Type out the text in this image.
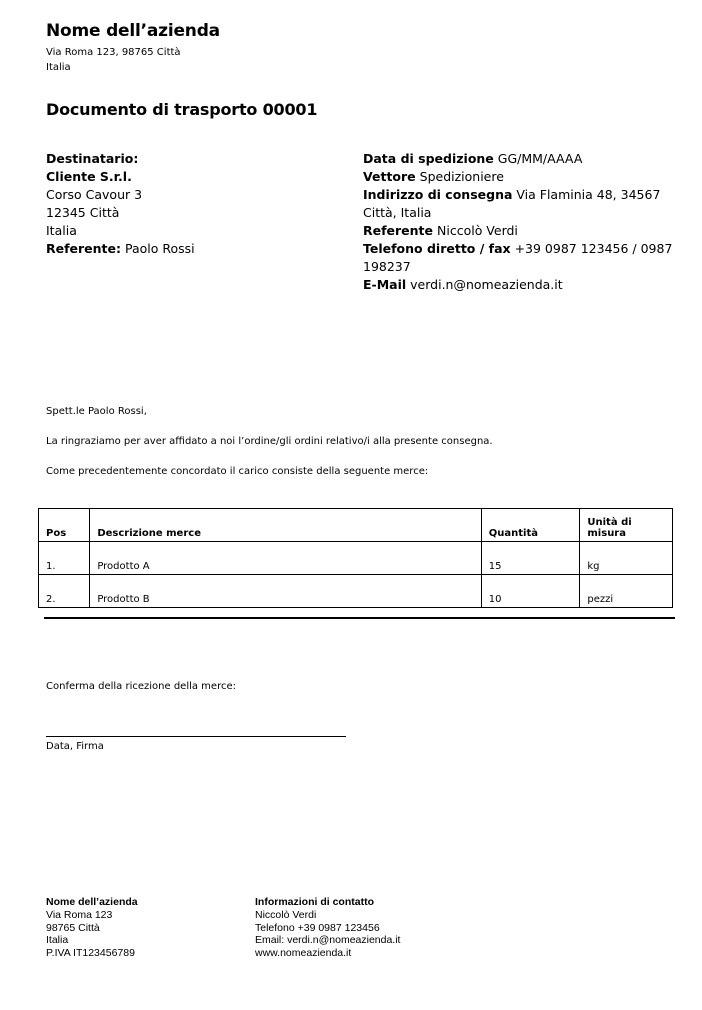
Nome dell’azienda
Via Roma 123, 98765 Città
Italia
Documento di trasporto 00001
Destinatario:
Cliente S.r.l.
Corso Cavour 3
12345 Città
Italia
Referente: Paolo Rossi
Data di spedizione GG/MM/AAAA
Vettore Spedizioniere
Indirizzo di consegna Via Flaminia 48, 34567 Città, Italia
Referente Niccolò Verdi
Telefono diretto / fax +39 0987 123456 / 0987 198237
E-Mail verdi.n@nomeazienda.it
Spett.le Paolo Rossi,
La ringraziamo per aver affidato a noi l’ordine/gli ordini relativo/i alla presente consegna.
Come precedentemente concordato il carico consiste della seguente merce:
Pos	Descrizione merce	Quantità	Unità di misura
1.	Prodotto A	15	kg
2.	Prodotto B	10	pezzi
Conferma della ricezione della merce:
Data, Firma
Nome dell’azienda
Via Roma 123
98765 Città
Italia
P.IVA IT123456789
Informazioni di contatto
Niccolò Verdi
Telefono +39 0987 123456
Email: verdi.n@nomeazienda.it
www.nomeazienda.it
